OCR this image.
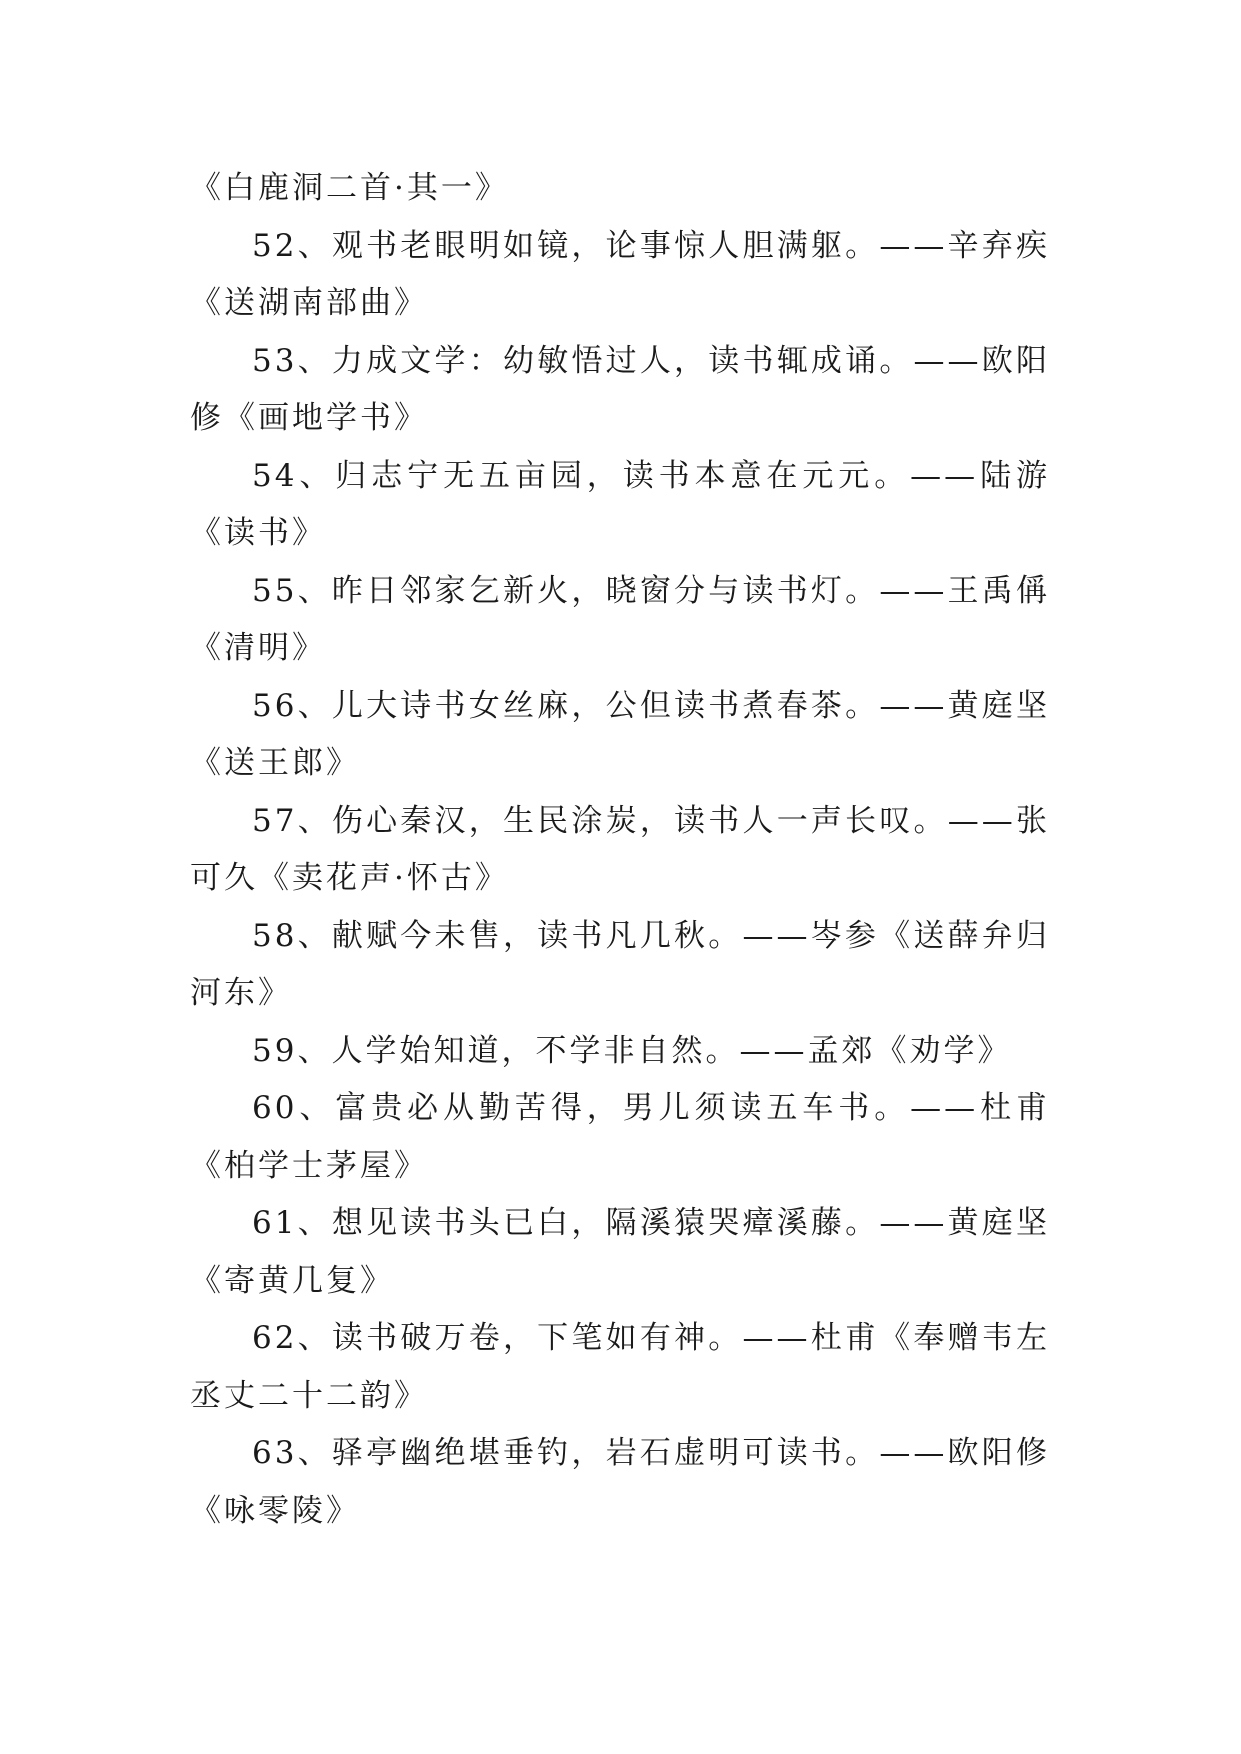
《白鹿洞二首·其一》

52、观书老眼明如镜，论事惊人胆满躯。——辛弃疾《送湖南部曲》

53、力成文学：幼敏悟过人，读书辄成诵。——欧阳修《画地学书》

54、归志宁无五亩园，读书本意在元元。——陆游《读书》

55、昨日邻家乞新火，晓窗分与读书灯。——王禹偁《清明》

56、儿大诗书女丝麻，公但读书煮春茶。——黄庭坚《送王郎》

57、伤心秦汉，生民涂炭，读书人一声长叹。——张可久《卖花声·怀古》

58、献赋今未售，读书凡几秋。——岑参《送薛弁归河东》

59、人学始知道，不学非自然。——孟郊《劝学》

60、富贵必从勤苦得，男儿须读五车书。——杜甫《柏学士茅屋》

61、想见读书头已白，隔溪猿哭瘴溪藤。——黄庭坚《寄黄几复》

62、读书破万卷，下笔如有神。——杜甫《奉赠韦左丞丈二十二韵》

63、驿亭幽绝堪垂钓，岩石虚明可读书。——欧阳修《咏零陵》
